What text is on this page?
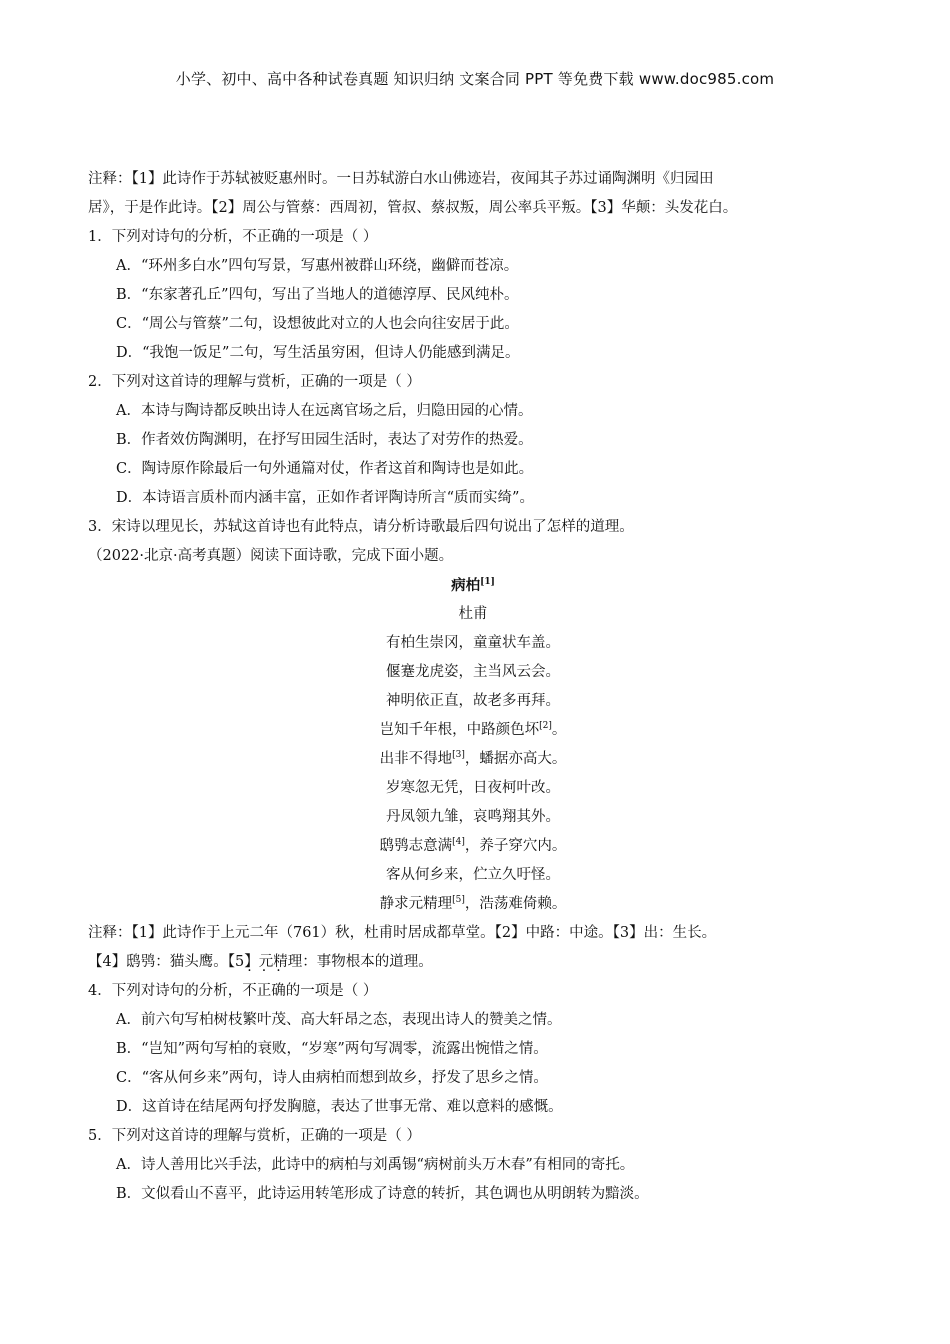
小学、初中、高中各种试卷真题 知识归纳 文案合同 PPT 等免费下载 www.doc985.com
注释：【1】此诗作于苏轼被贬惠州时。一日苏轼游白水山佛迹岩，夜闻其子苏过诵陶渊明《归园田
居》，于是作此诗。【2】周公与管蔡：西周初，管叔、蔡叔叛，周公率兵平叛。【3】华颠：头发花白。
1．下列对诗句的分析，不正确的一项是（ ）
A．“环州多白水”四句写景，写惠州被群山环绕，幽僻而苍凉。
B．“东家著孔丘”四句，写出了当地人的道德淳厚、民风纯朴。
C．“周公与管蔡”二句，设想彼此对立的人也会向往安居于此。
D．“我饱一饭足”二句，写生活虽穷困，但诗人仍能感到满足。
2．下列对这首诗的理解与赏析，正确的一项是（ ）
A．本诗与陶诗都反映出诗人在远离官场之后，归隐田园的心情。
B．作者效仿陶渊明，在抒写田园生活时，表达了对劳作的热爱。
C．陶诗原作除最后一句外通篇对仗，作者这首和陶诗也是如此。
D．本诗语言质朴而内涵丰富，正如作者评陶诗所言“质而实绮”。
3．宋诗以理见长，苏轼这首诗也有此特点，请分析诗歌最后四句说出了怎样的道理。
（2022·北京·高考真题）阅读下面诗歌，完成下面小题。
病柏[1]
杜甫
有柏生崇冈，童童状车盖。
偃蹇龙虎姿，主当风云会。
神明依正直，故老多再拜。
岂知千年根，中路颜色坏[2]。
出非不得地[3]，蟠据亦高大。
岁寒忽无凭，日夜柯叶改。
丹凤领九雏，哀鸣翔其外。
鸱鸮志意满[4]，养子穿穴内。
客从何乡来，伫立久吁怪。
静求元精理[5]，浩荡难倚赖。
注释：【1】此诗作于上元二年（761）秋，杜甫时居成都草堂。【2】中路：中途。【3】出：生长。
【4】鸱鸮：猫头鹰。【5】元精理：事物根本的道理。
4．下列对诗句的分析，不正确的一项是（ ）
A．前六句写柏树枝繁叶茂、高大轩昂之态，表现出诗人的赞美之情。
B．“岂知”两句写柏的衰败，“岁寒”两句写凋零，流露出惋惜之情。
C．“客从何乡来”两句，诗人由病柏而想到故乡，抒发了思乡之情。
D．这首诗在结尾两句抒发胸臆，表达了世事无常、难以意料的感慨。
5．下列对这首诗的理解与赏析，正确的一项是（ ）
A．诗人善用比兴手法，此诗中的病柏与刘禹锡“病树前头万木春”有相同的寄托。
B．文似看山不喜平，此诗运用转笔形成了诗意的转折，其色调也从明朗转为黯淡。
